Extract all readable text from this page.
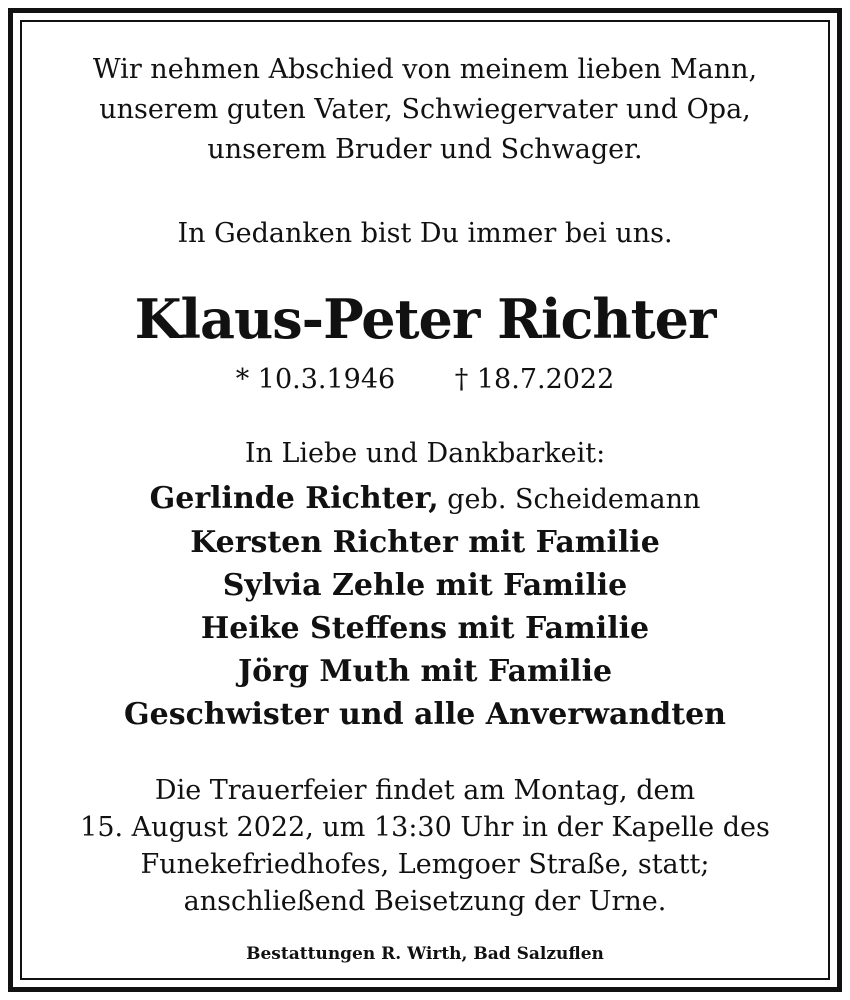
Wir nehmen Abschied von meinem lieben Mann,
unserem guten Vater, Schwiegervater und Opa,
unserem Bruder und Schwager.
In Gedanken bist Du immer bei uns.
Klaus-Peter Richter
* 10.3.1946 † 18.7.2022
In Liebe und Dankbarkeit:
Gerlinde Richter, geb. Scheidemann
Kersten Richter mit Familie
Sylvia Zehle mit Familie
Heike Steffens mit Familie
Jörg Muth mit Familie
Geschwister und alle Anverwandten
Die Trauerfeier findet am Montag, dem
15. August 2022, um 13:30 Uhr in der Kapelle des
Funekefriedhofes, Lemgoer Straße, statt;
anschließend Beisetzung der Urne.
Bestattungen R. Wirth, Bad Salzuflen
